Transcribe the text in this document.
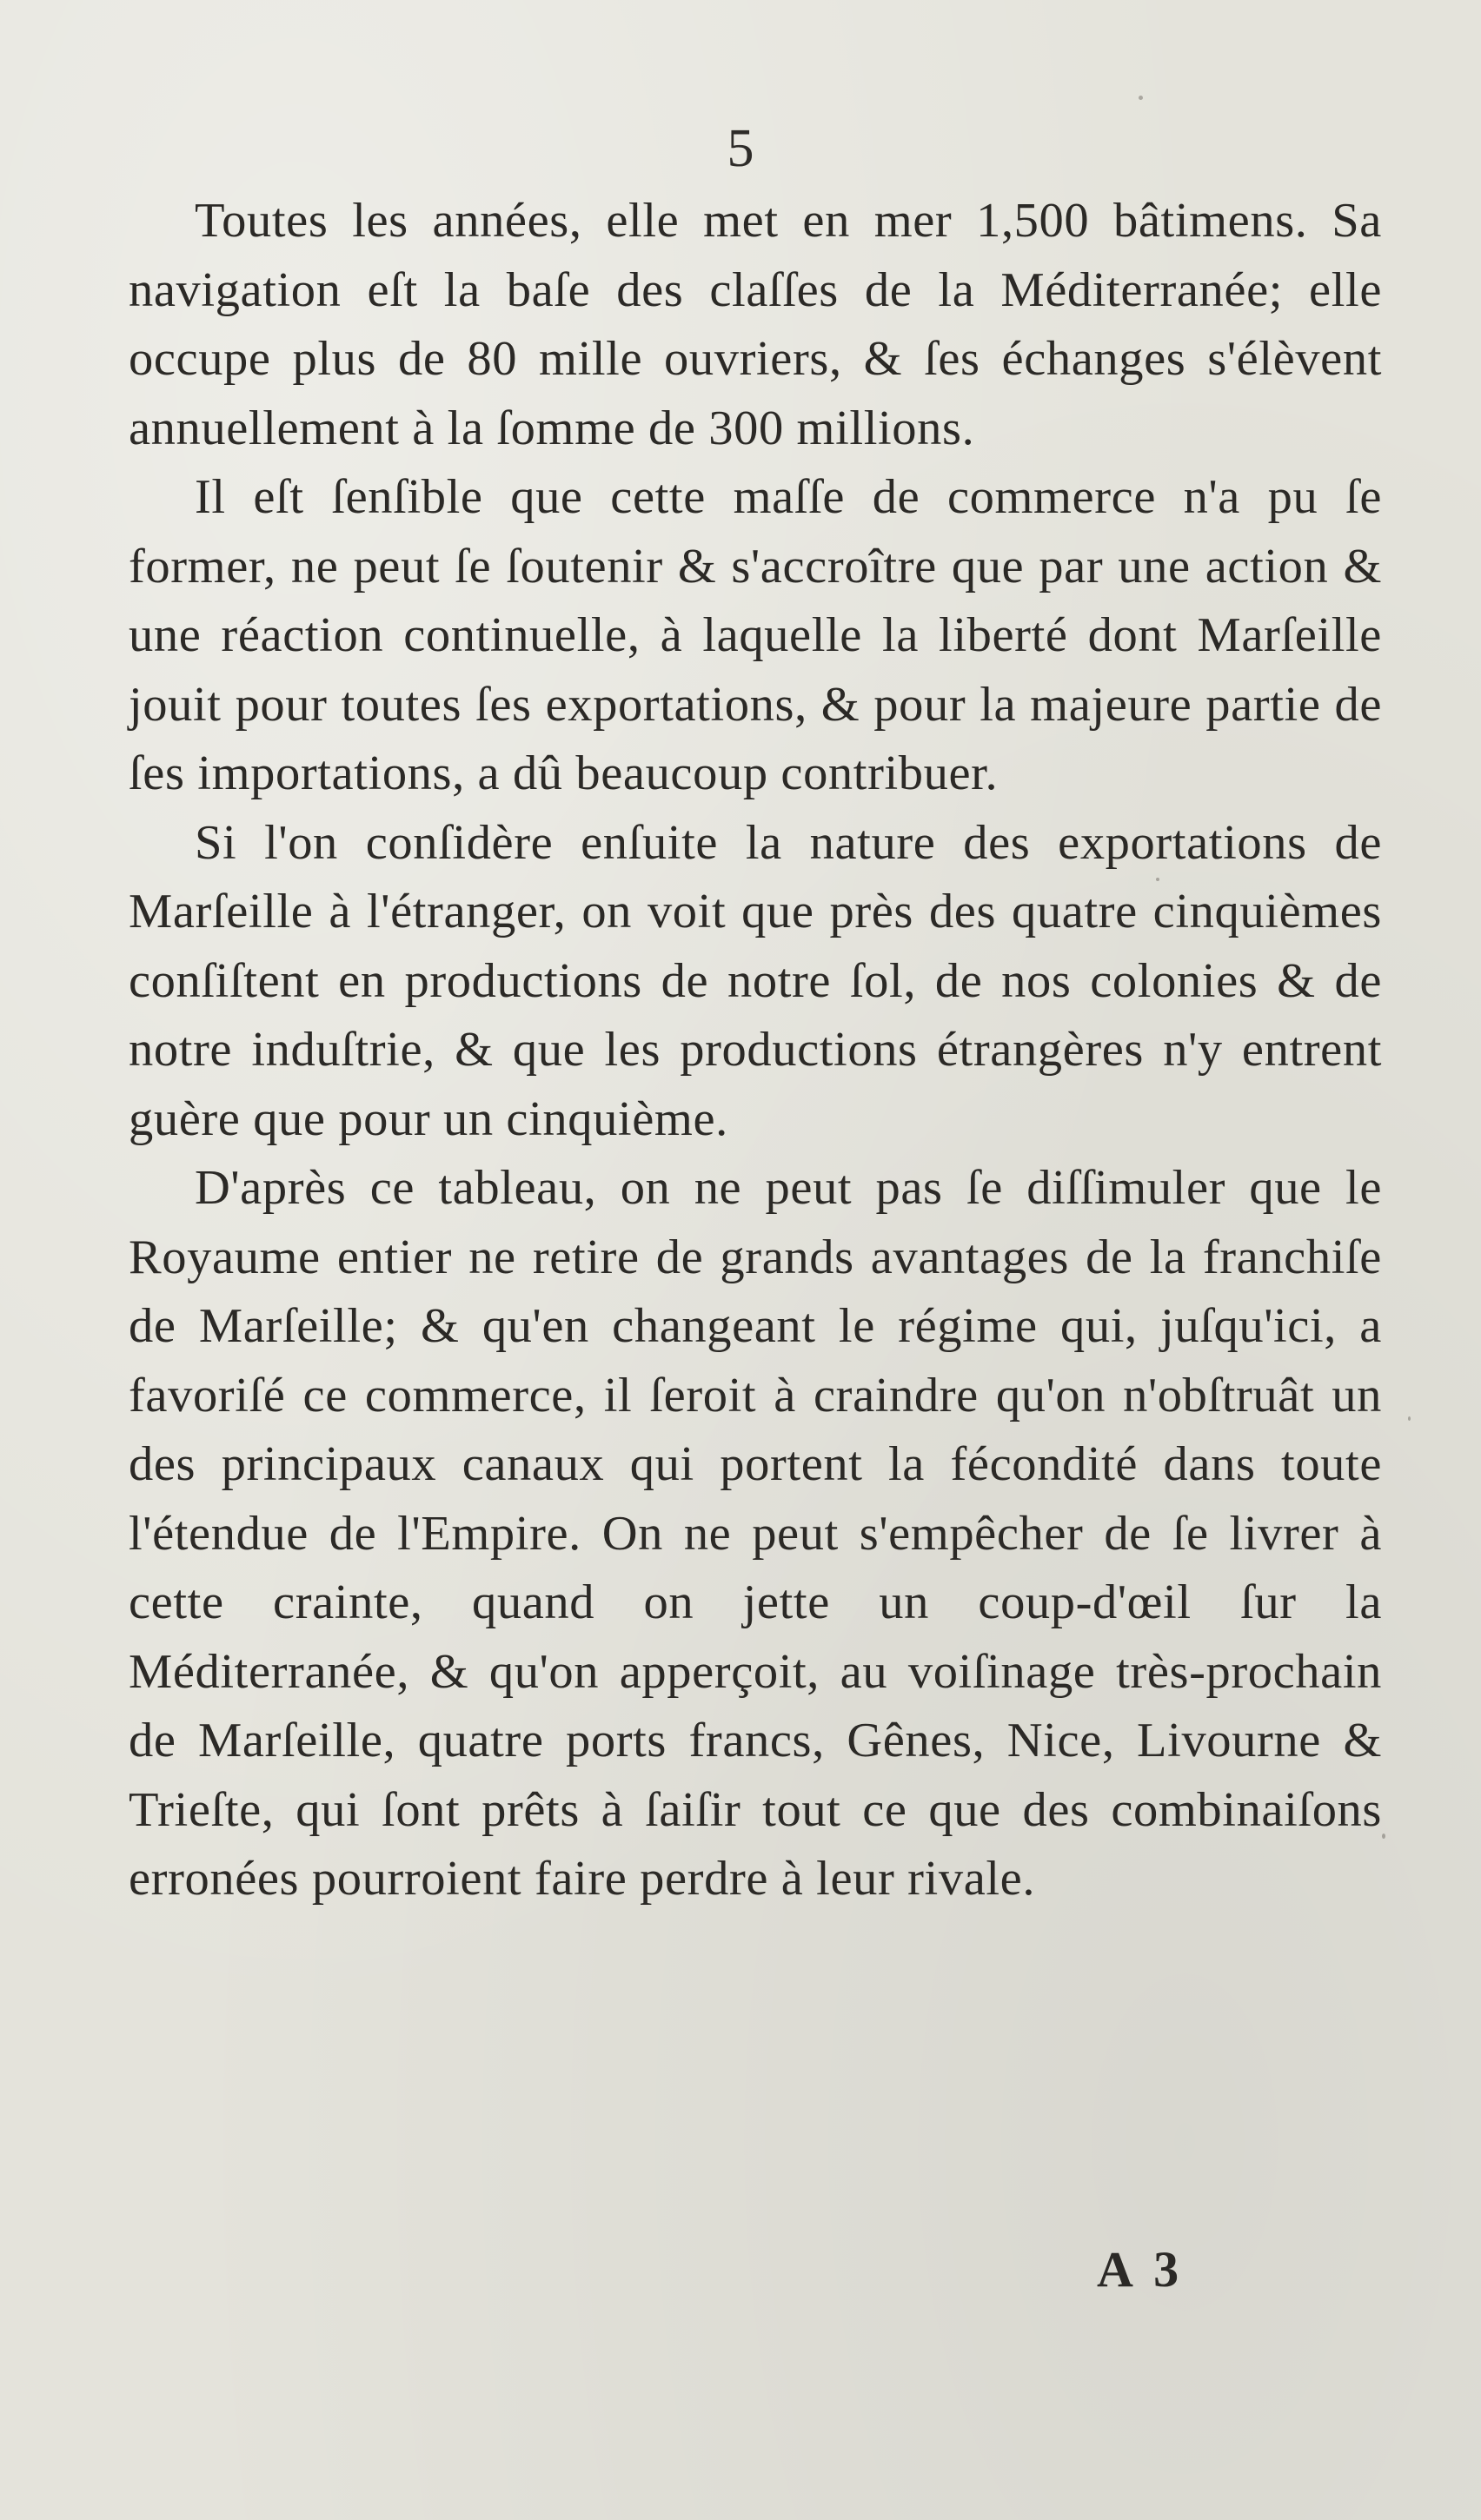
5

Toutes les années, elle met en mer 1,500 bâtimens. Sa navigation eſt la baſe des claſſes de la Méditerranée; elle occupe plus de 80 mille ouvriers, & ſes échanges s'élèvent annuellement à la ſomme de 300 millions.

Il eſt ſenſible que cette maſſe de commerce n'a pu ſe former, ne peut ſe ſoutenir & s'accroître que par une action & une réaction continuelle, à laquelle la liberté dont Marſeille jouit pour toutes ſes exportations, & pour la majeure partie de ſes importations, a dû beaucoup contribuer.

Si l'on conſidère enſuite la nature des exportations de Marſeille à l'étranger, on voit que près des quatre cinquièmes conſiſtent en productions de notre ſol, de nos colonies & de notre induſtrie, & que les productions étrangères n'y entrent guère que pour un cinquième.

D'après ce tableau, on ne peut pas ſe diſſimuler que le Royaume entier ne retire de grands avantages de la franchiſe de Marſeille; & qu'en changeant le régime qui, juſqu'ici, a favoriſé ce commerce, il ſeroit à craindre qu'on n'obſtruât un des principaux canaux qui portent la fécondité dans toute l'étendue de l'Empire. On ne peut s'empêcher de ſe livrer à cette crainte, quand on jette un coup-d'œil ſur la Méditerranée, & qu'on apperçoit, au voiſinage très-prochain de Marſeille, quatre ports francs, Gênes, Nice, Livourne & Trieſte, qui ſont prêts à ſaiſir tout ce que des combinaiſons erronées pourroient faire perdre à leur rivale.

A 3
